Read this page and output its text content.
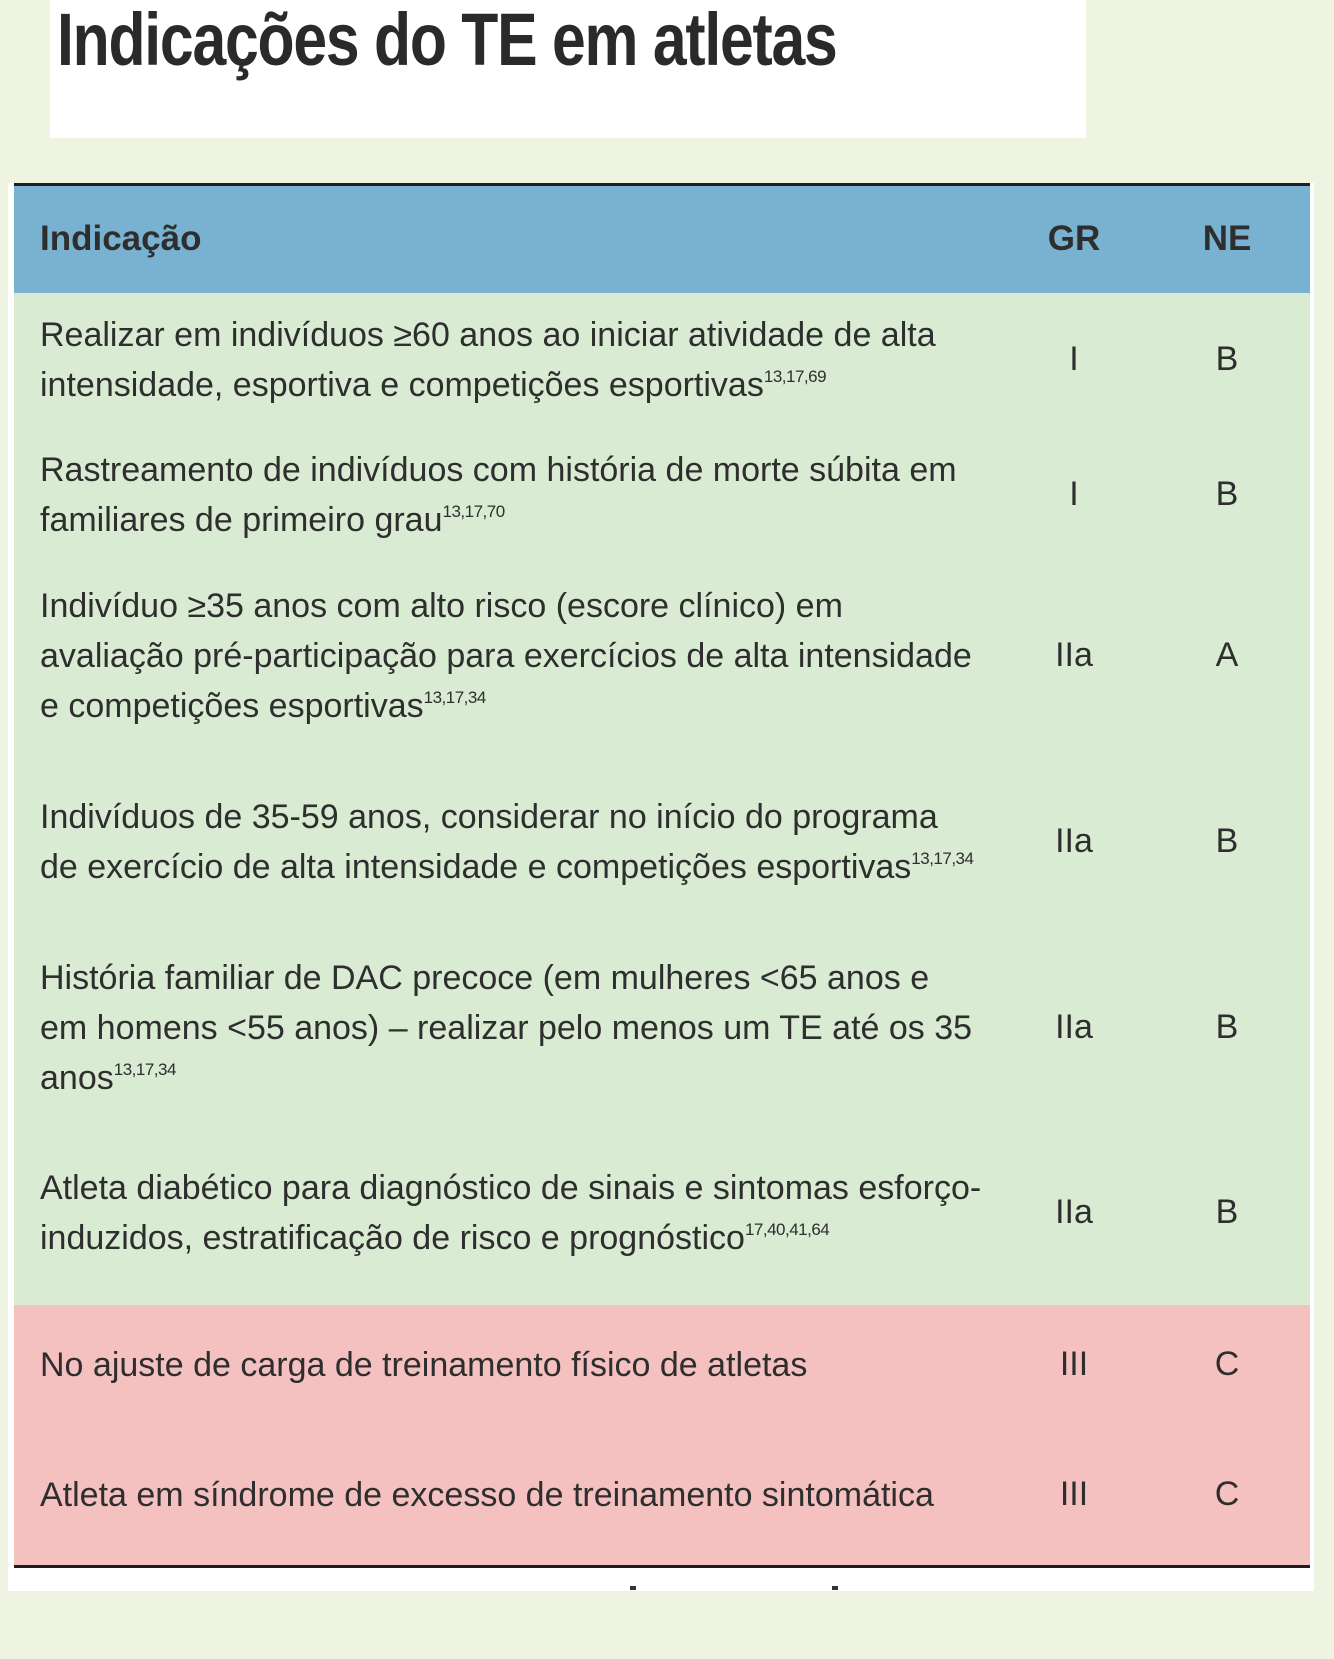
Indicações do TE em atletas
Indicação	GR	NE
Realizar em indivíduos ≥60 anos ao iniciar atividade de alta intensidade, esportiva e competições esportivas$^{13,17,69}$	I	B
Rastreamento de indivíduos com história de morte súbita em familiares de primeiro grau$^{13,17,70}$	I	B
Indivíduo ≥35 anos com alto risco (escore clínico) em avaliação pré-participação para exercícios de alta intensidade e competições esportivas$^{13,17,34}$	IIa	A
Indivíduos de 35-59 anos, considerar no início do programa de exercício de alta intensidade e competições esportivas$^{13,17,34}$	IIa	B
História familiar de DAC precoce (em mulheres <65 anos e em homens <55 anos) – realizar pelo menos um TE até os 35 anos$^{13,17,34}$	IIa	B
Atleta diabético para diagnóstico de sinais e sintomas esforço-induzidos, estratificação de risco e prognóstico$^{17,40,41,64}$	IIa	B
No ajuste de carga de treinamento físico de atletas	III	C
Atleta em síndrome de excesso de treinamento sintomática	III	C
